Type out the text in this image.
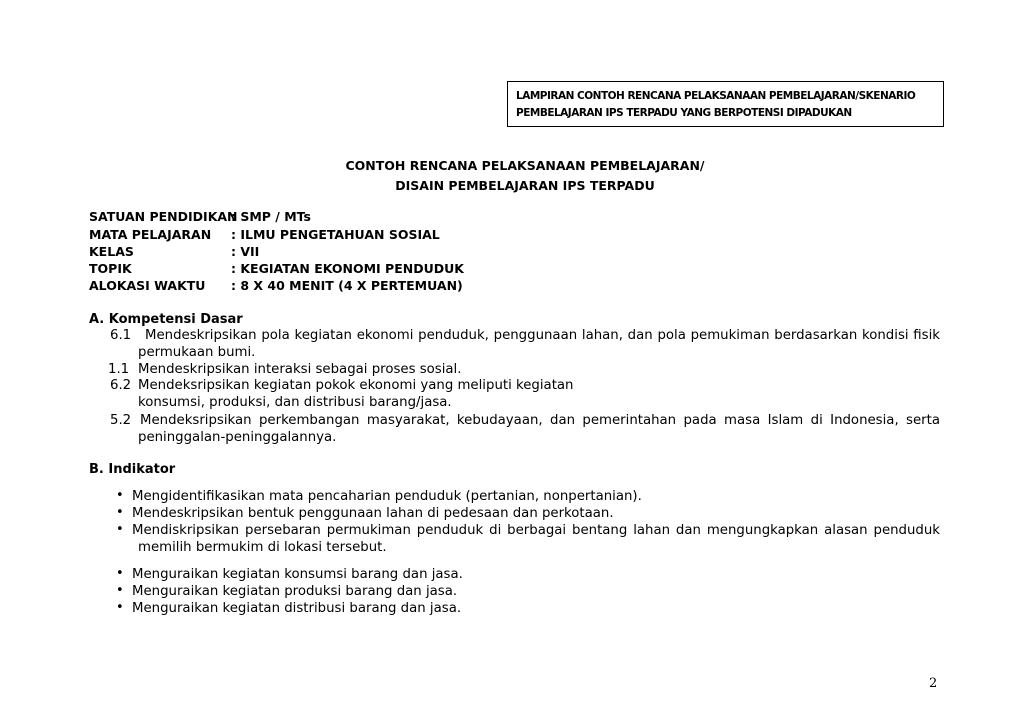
LAMPIRAN CONTOH RENCANA PELAKSANAAN PEMBELAJARAN/SKENARIO
PEMBELAJARAN IPS TERPADU YANG BERPOTENSI DIPADUKAN
CONTOH RENCANA PELAKSANAAN PEMBELAJARAN/
DISAIN PEMBELAJARAN IPS TERPADU
SATUAN PENDIDIKAN
: SMP / MTs
MATA PELAJARAN : ILMU PENGETAHUAN SOSIAL
KELAS	: VII
TOPIK	: KEGIATAN EKONOMI PENDUDUK
ALOKASI WAKTU : 8 X 40 MENIT (4 X PERTEMUAN)
A. Kompetensi Dasar
6.1 Mendeskripsikan pola kegiatan ekonomi penduduk, penggunaan lahan, dan pola pemukiman berdasarkan kondisi fisik
permukaan bumi.
1.1 Mendeskripsikan interaksi sebagai proses sosial.
6.2 Mendeksripsikan kegiatan pokok ekonomi yang meliputi kegiatan
konsumsi, produksi, dan distribusi barang/jasa.
5.2 Mendeksripsikan perkembangan masyarakat, kebudayaan, dan pemerintahan pada masa Islam di Indonesia, serta
peninggalan-peninggalannya.
B. Indikator
• Mengidentifikasikan mata pencaharian penduduk (pertanian, nonpertanian).
• Mendeskripsikan bentuk penggunaan lahan di pedesaan dan perkotaan.
• Mendiskripsikan persebaran permukiman penduduk di berbagai bentang lahan dan mengungkapkan alasan penduduk
memilih bermukim di lokasi tersebut.
• Menguraikan kegiatan konsumsi barang dan jasa.
• Menguraikan kegiatan produksi barang dan jasa.
• Menguraikan kegiatan distribusi barang dan jasa.
2
